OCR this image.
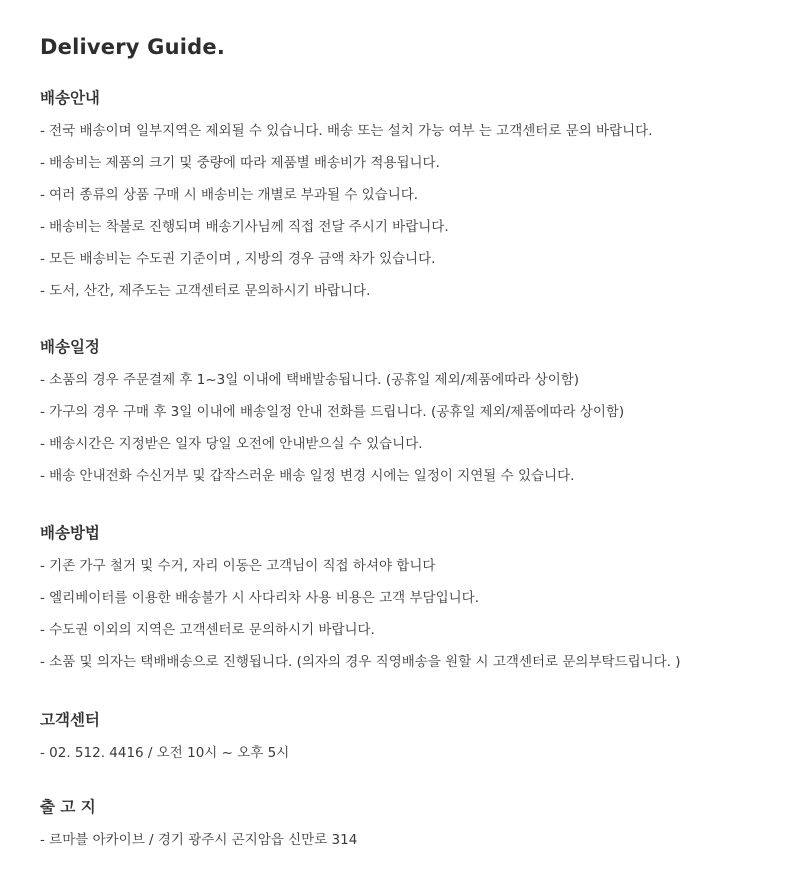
Delivery Guide.
배송안내
- 전국 배송이며 일부지역은 제외될 수 있습니다. 배송 또는 설치 가능 여부 는 고객센터로 문의 바랍니다.
- 배송비는 제품의 크기 및 중량에 따라 제품별 배송비가 적용됩니다.
- 여러 종류의 상품 구매 시 배송비는 개별로 부과될 수 있습니다.
- 배송비는 착불로 진행되며 배송기사님께 직접 전달 주시기 바랍니다.
- 모든 배송비는 수도권 기준이며 , 지방의 경우 금액 차가 있습니다.
- 도서, 산간, 제주도는 고객센터로 문의하시기 바랍니다.
배송일정
- 소품의 경우 주문결제 후 1~3일 이내에 택배발송됩니다. (공휴일 제외/제품에따라 상이함)
- 가구의 경우 구매 후 3일 이내에 배송일정 안내 전화를 드립니다. (공휴일 제외/제품에따라 상이함)
- 배송시간은 지정받은 일자 당일 오전에 안내받으실 수 있습니다.
- 배송 안내전화 수신거부 및 갑작스러운 배송 일정 변경 시에는 일정이 지연될 수 있습니다.
배송방법
- 기존 가구 철거 및 수거, 자리 이동은 고객님이 직접 하셔야 합니다
- 엘리베이터를 이용한 배송불가 시 사다리차 사용 비용은 고객 부담입니다.
- 수도권 이외의 지역은 고객센터로 문의하시기 바랍니다.
- 소품 및 의자는 택배배송으로 진행됩니다. (의자의 경우 직영배송을 원할 시 고객센터로 문의부탁드립니다. )
고객센터
- 02. 512. 4416 / 오전 10시 ~ 오후 5시
출 고 지
- 르마블 아카이브 / 경기 광주시 곤지암읍 신만로 314
